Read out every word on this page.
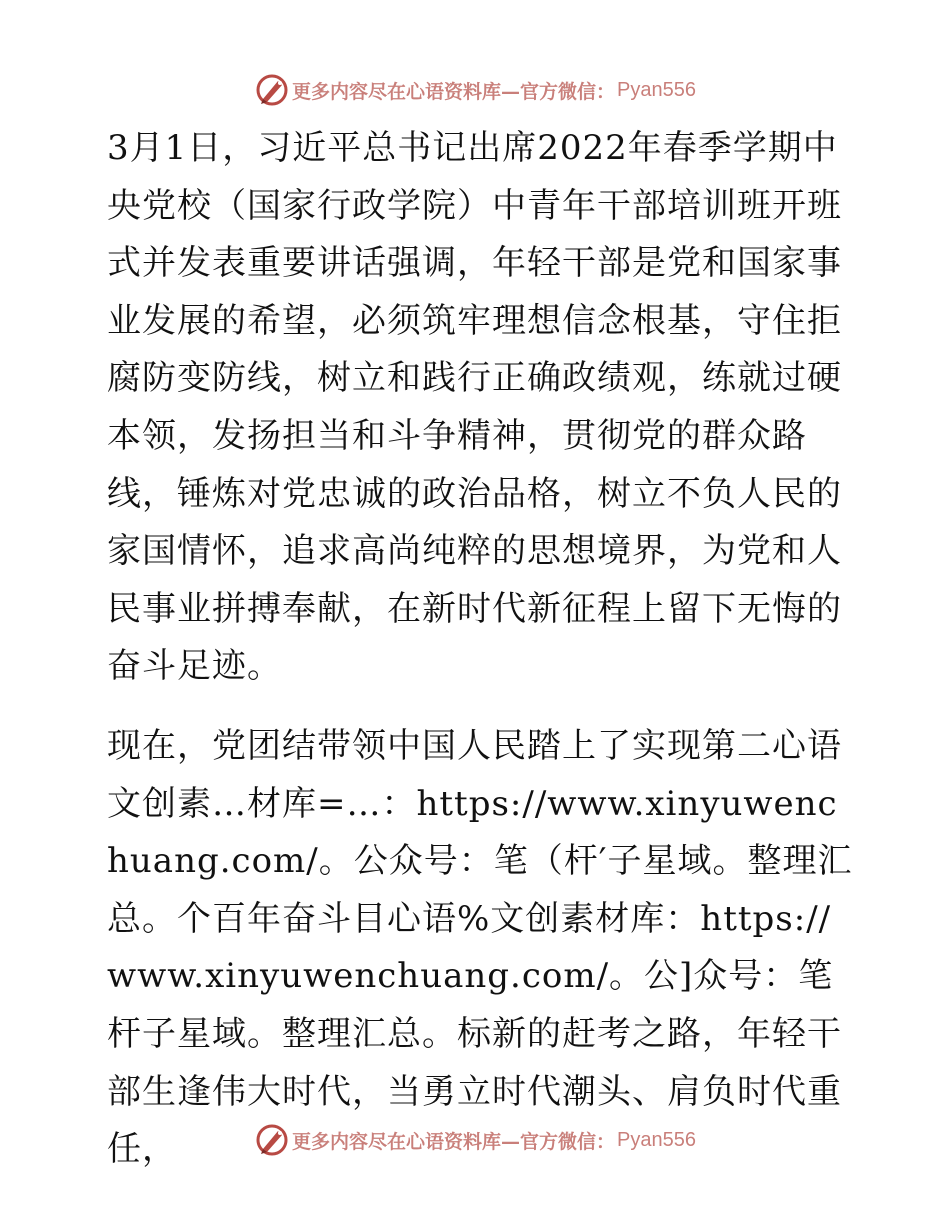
更多内容尽在心语资料库—官方微信： Pyan556

3月1日，习近平总书记出席2022年春季学期中央党校（国家行政学院）中青年干部培训班开班式并发表重要讲话强调，年轻干部是党和国家事业发展的希望，必须筑牢理想信念根基，守住拒腐防变防线，树立和践行正确政绩观，练就过硬本领，发扬担当和斗争精神，贯彻党的群众路线，锤炼对党忠诚的政治品格，树立不负人民的家国情怀，追求高尚纯粹的思想境界，为党和人民事业拼搏奉献，在新时代新征程上留下无悔的奋斗足迹。

现在，党团结带领中国人民踏上了实现第二心语文创素…材库=…：https://www.xinyuwenchuang.com/。公众号：笔（杆′子星域。整理汇总。个百年奋斗目心语%文创素材库：https://www.xinyuwenchuang.com/。公]众号：笔杆子星域。整理汇总。标新的赶考之路，年轻干部生逢伟大时代，当勇立时代潮头、肩负时代重任，	更多内容尽在心语资料库—官方微信： Pyan556
